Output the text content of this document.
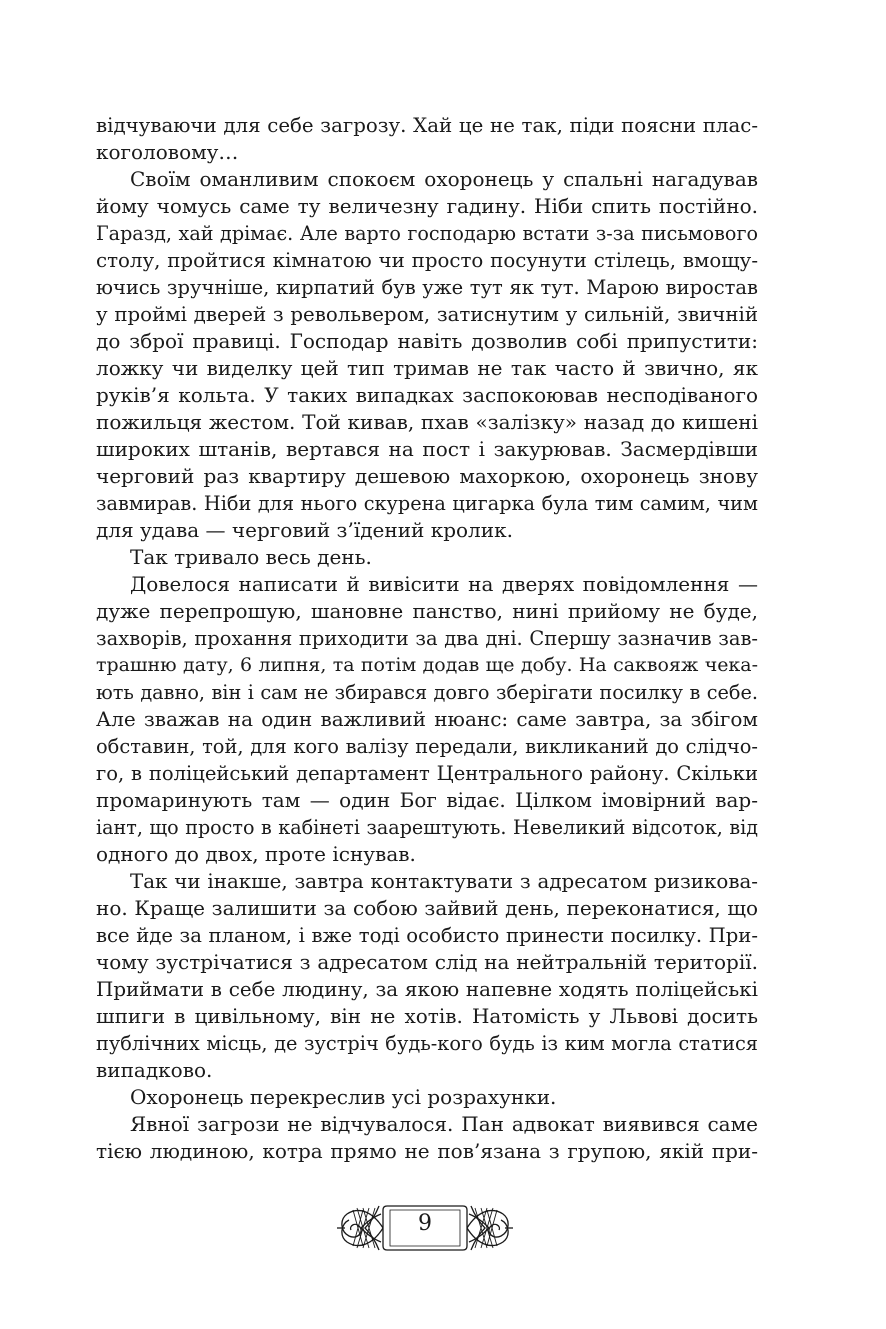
відчуваючи для себе загрозу. Хай це не так, піди поясни плас-
коголовому…
Своїм оманливим спокоєм охоронець у спальні нагадував
йому чомусь саме ту величезну гадину. Ніби спить постійно.
Гаразд, хай дрімає. Але варто господарю встати з-за письмового
столу, пройтися кімнатою чи просто посунути стілець, вмощу-
ючись зручніше, кирпатий був уже тут як тут. Марою виростав
у проймі дверей з револьвером, затиснутим у сильній, звичній
до зброї правиці. Господар навіть дозволив собі припустити:
ложку чи виделку цей тип тримав не так часто й звично, як
руків’я кольта. У таких випадках заспокоював несподіваного
пожильця жестом. Той кивав, пхав «залізку» назад до кишені
широких штанів, вертався на пост і закурював. Засмердівши
черговий раз квартиру дешевою махоркою, охоронець знову
завмирав. Ніби для нього скурена цигарка була тим самим, чим
для удава — черговий з’їдений кролик.
Так тривало весь день.
Довелося написати й вивісити на дверях повідомлення —
дуже перепрошую, шановне панство, нині прийому не буде,
захворів, прохання приходити за два дні. Спершу зазначив зав-
трашню дату, 6 липня, та потім додав ще добу. На саквояж чека-
ють давно, він і сам не збирався довго зберігати посилку в себе.
Але зважав на один важливий нюанс: саме завтра, за збігом
обставин, той, для кого валізу передали, викликаний до слідчо-
го, в поліцейський департамент Центрального району. Скільки
промаринують там — один Бог відає. Цілком імовірний вар-
іант, що просто в кабінеті заарештують. Невеликий відсоток, від
одного до двох, проте існував.
Так чи інакше, завтра контактувати з адресатом ризикова-
но. Краще залишити за собою зайвий день, переконатися, що
все йде за планом, і вже тоді особисто принести посилку. При-
чому зустрічатися з адресатом слід на нейтральній території.
Приймати в себе людину, за якою напевне ходять поліцейські
шпиги в цивільному, він не хотів. Натомість у Львові досить
публічних місць, де зустріч будь-кого будь із ким могла статися
випадково.
Охоронець перекреслив усі розрахунки.
Явної загрози не відчувалося. Пан адвокат виявився саме
тією людиною, котра прямо не пов’язана з групою, якій при-
9
